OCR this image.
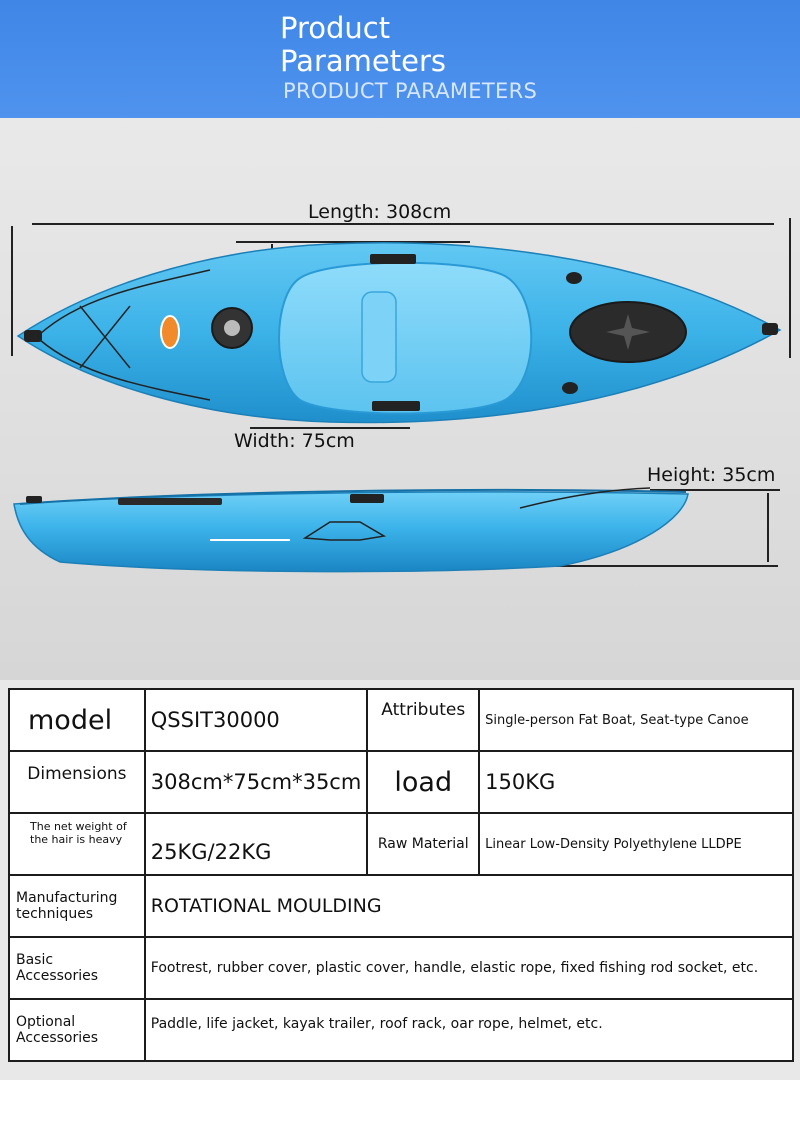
Product
Parameters
PRODUCT PARAMETERS
Length: 308cm
Width: 75cm
Height: 35cm
model	QSSIT30000	Attributes	Single-person Fat Boat, Seat-type Canoe
Dimensions	308cm*75cm*35cm	load	150KG
The net weight of the hair is heavy	25KG/22KG	Raw Material	Linear Low-Density Polyethylene LLDPE
Manufacturing techniques	ROTATIONAL MOULDING		
Basic Accessories	Footrest, rubber cover, plastic cover, handle, elastic rope, fixed fishing rod socket, etc.		
Optional Accessories	Paddle, life jacket, kayak trailer, roof rack, oar rope, helmet, etc.		
